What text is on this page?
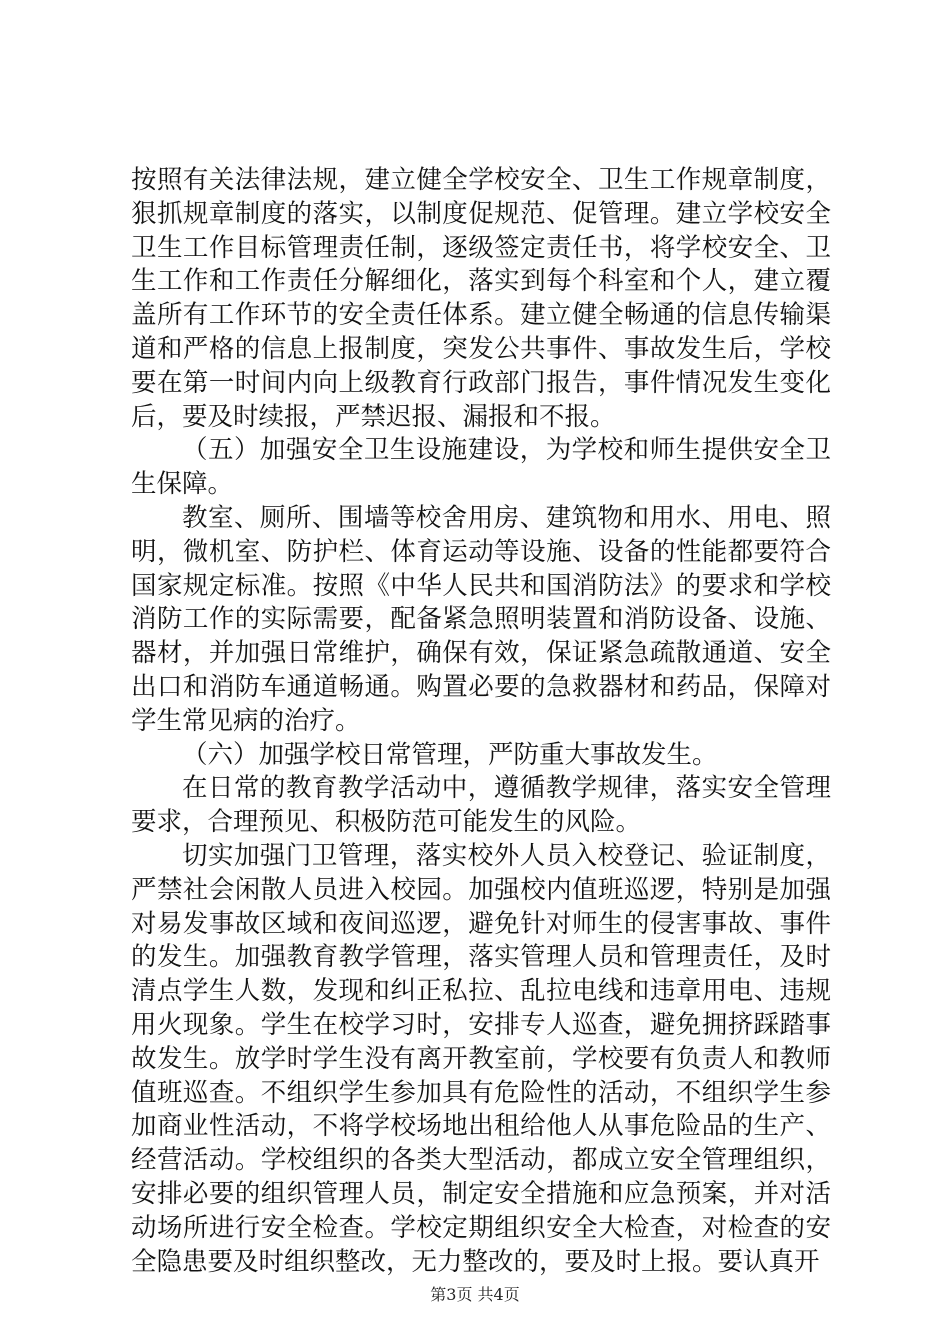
按照有关法律法规，建立健全学校安全、卫生工作规章制度，狠抓规章制度的落实，以制度促规范、促管理。建立学校安全卫生工作目标管理责任制，逐级签定责任书，将学校安全、卫生工作和工作责任分解细化，落实到每个科室和个人，建立覆盖所有工作环节的安全责任体系。建立健全畅通的信息传输渠道和严格的信息上报制度，突发公共事件、事故发生后，学校要在第一时间内向上级教育行政部门报告，事件情况发生变化后，要及时续报，严禁迟报、漏报和不报。

（五）加强安全卫生设施建设，为学校和师生提供安全卫生保障。

教室、厕所、围墙等校舍用房、建筑物和用水、用电、照明，微机室、防护栏、体育运动等设施、设备的性能都要符合国家规定标准。按照《中华人民共和国消防法》的要求和学校消防工作的实际需要，配备紧急照明装置和消防设备、设施、器材，并加强日常维护，确保有效，保证紧急疏散通道、安全出口和消防车通道畅通。购置必要的急救器材和药品，保障对学生常见病的治疗。

（六）加强学校日常管理，严防重大事故发生。

在日常的教育教学活动中，遵循教学规律，落实安全管理要求，合理预见、积极防范可能发生的风险。

切实加强门卫管理，落实校外人员入校登记、验证制度，严禁社会闲散人员进入校园。加强校内值班巡逻，特别是加强对易发事故区域和夜间巡逻，避免针对师生的侵害事故、事件的发生。加强教育教学管理，落实管理人员和管理责任，及时清点学生人数，发现和纠正私拉、乱拉电线和违章用电、违规用火现象。学生在校学习时，安排专人巡查，避免拥挤踩踏事故发生。放学时学生没有离开教室前，学校要有负责人和教师值班巡查。不组织学生参加具有危险性的活动，不组织学生参加商业性活动，不将学校场地出租给他人从事危险品的生产、经营活动。学校组织的各类大型活动，都成立安全管理组织，安排必要的组织管理人员，制定安全措施和应急预案，并对活动场所进行安全检查。学校定期组织安全大检查，对检查的安全隐患要及时组织整改，无力整改的，要及时上报。要认真开

第3页 共4页
